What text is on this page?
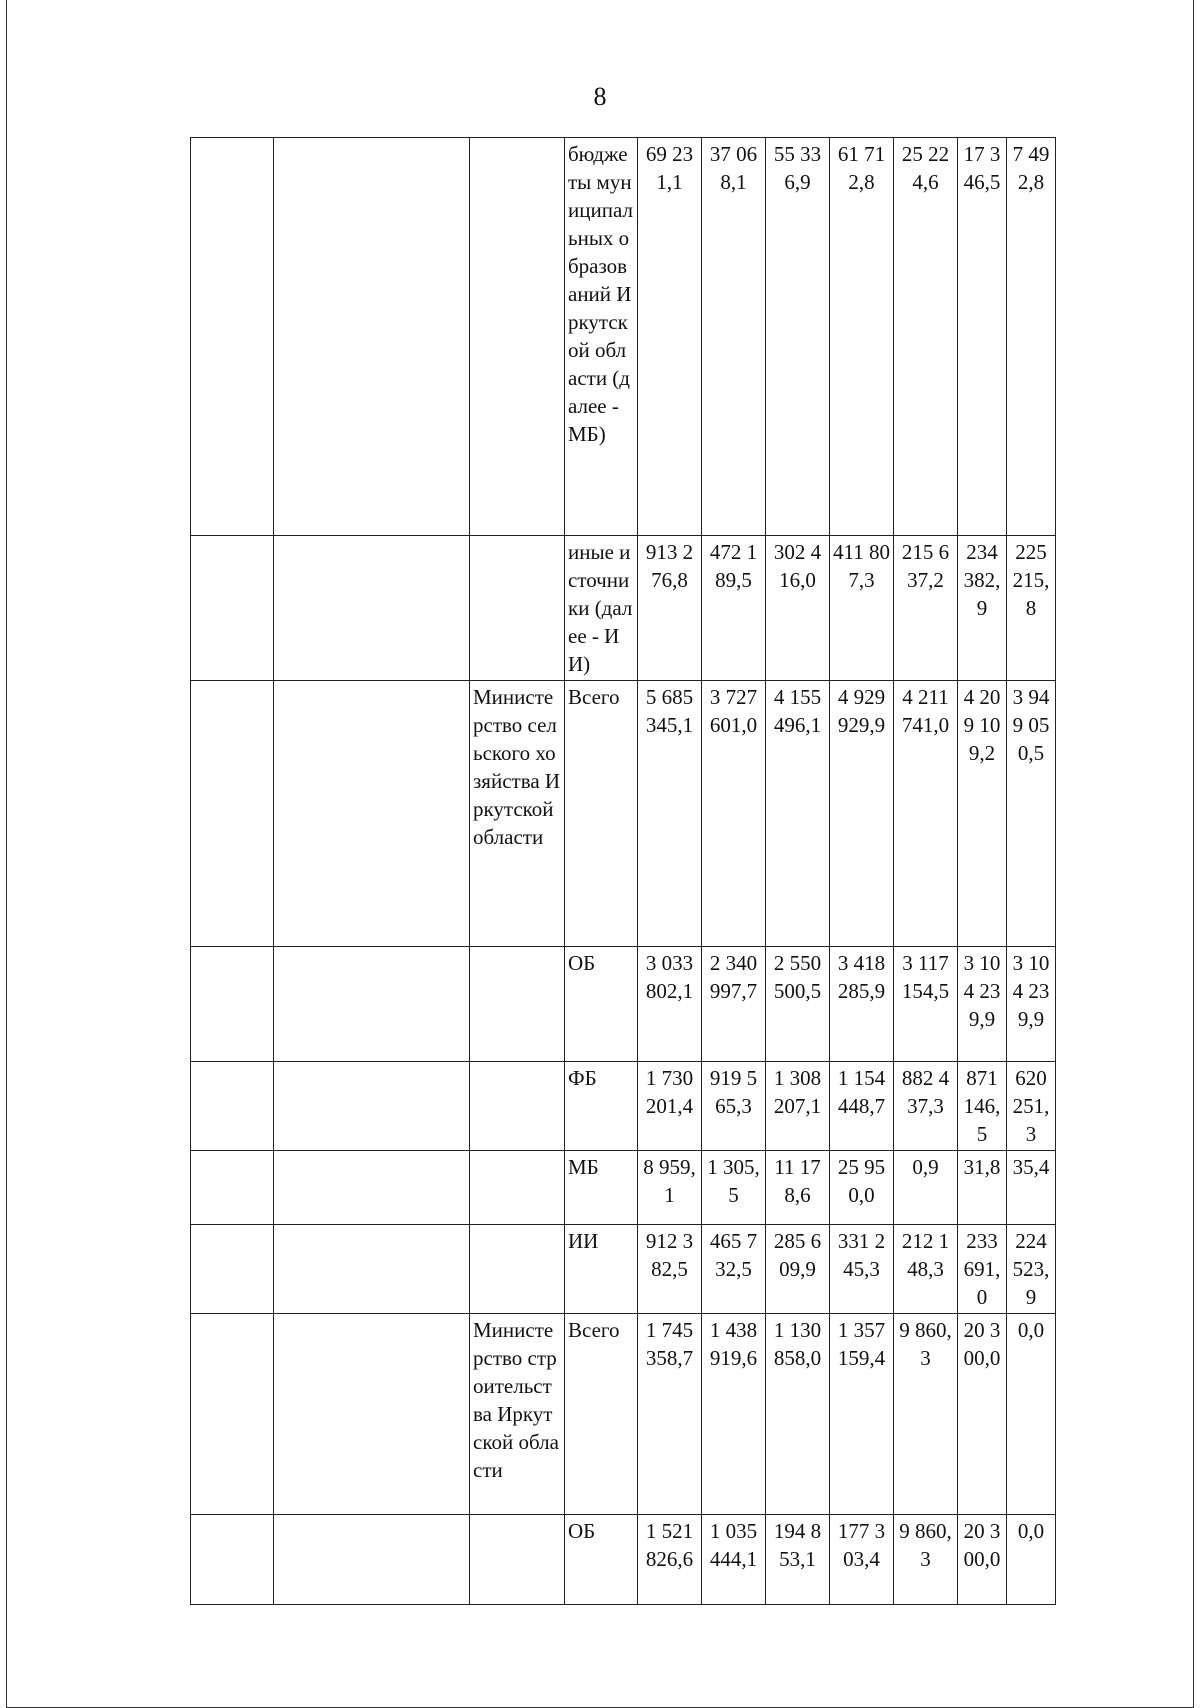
8
			бюджеты муниципальных образований Иркутской области (далее - МБ)	69 231,1	37 068,1	55 336,9	61 712,8	25 224,6	17 346,5	7 492,8
			иные источники (далее - ИИ)	913 276,8	472 189,5	302 416,0	411 807,3	215 637,2	234 382,9	225 215,8
		Министерство сельского хозяйства Иркутской области	Всего	5 685 345,1	3 727 601,0	4 155 496,1	4 929 929,9	4 211 741,0	4 209 109,2	3 949 050,5
			ОБ	3 033 802,1	2 340 997,7	2 550 500,5	3 418 285,9	3 117 154,5	3 104 239,9	3 104 239,9
			ФБ	1 730 201,4	919 565,3	1 308 207,1	1 154 448,7	882 437,3	871 146,5	620 251,3
			МБ	8 959,1	1 305,5	11 178,6	25 950,0	0,9	31,8	35,4
			ИИ	912 382,5	465 732,5	285 609,9	331 245,3	212 148,3	233 691,0	224 523,9
		Министерство строительства Иркутской области	Всего	1 745 358,7	1 438 919,6	1 130 858,0	1 357 159,4	9 860,3	20 300,0	0,0
			ОБ	1 521 826,6	1 035 444,1	194 853,1	177 303,4	9 860,3	20 300,0	0,0
